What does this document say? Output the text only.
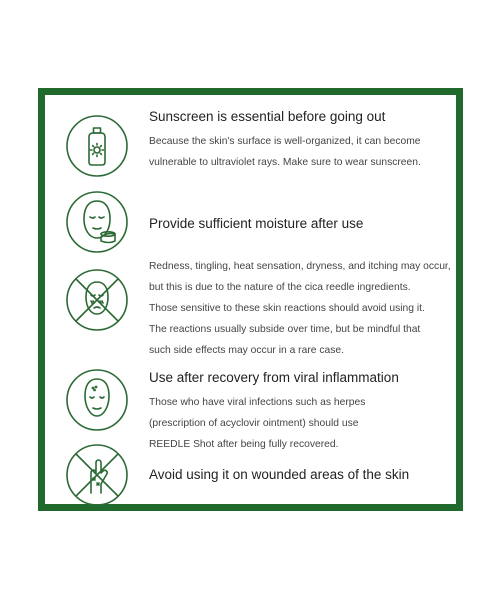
Sunscreen is essential before going out
Because the skin's surface is well-organized, it can become
vulnerable to ultraviolet rays. Make sure to wear sunscreen.
Provide sufficient moisture after use
Redness, tingling, heat sensation, dryness, and itching may occur,
but this is due to the nature of the cica reedle ingredients.
Those sensitive to these skin reactions should avoid using it.
The reactions usually subside over time, but be mindful that
such side effects may occur in a rare case.
Use after recovery from viral inflammation
Those who have viral infections such as herpes
(prescription of acyclovir ointment) should use
REEDLE Shot after being fully recovered.
Avoid using it on wounded areas of the skin
